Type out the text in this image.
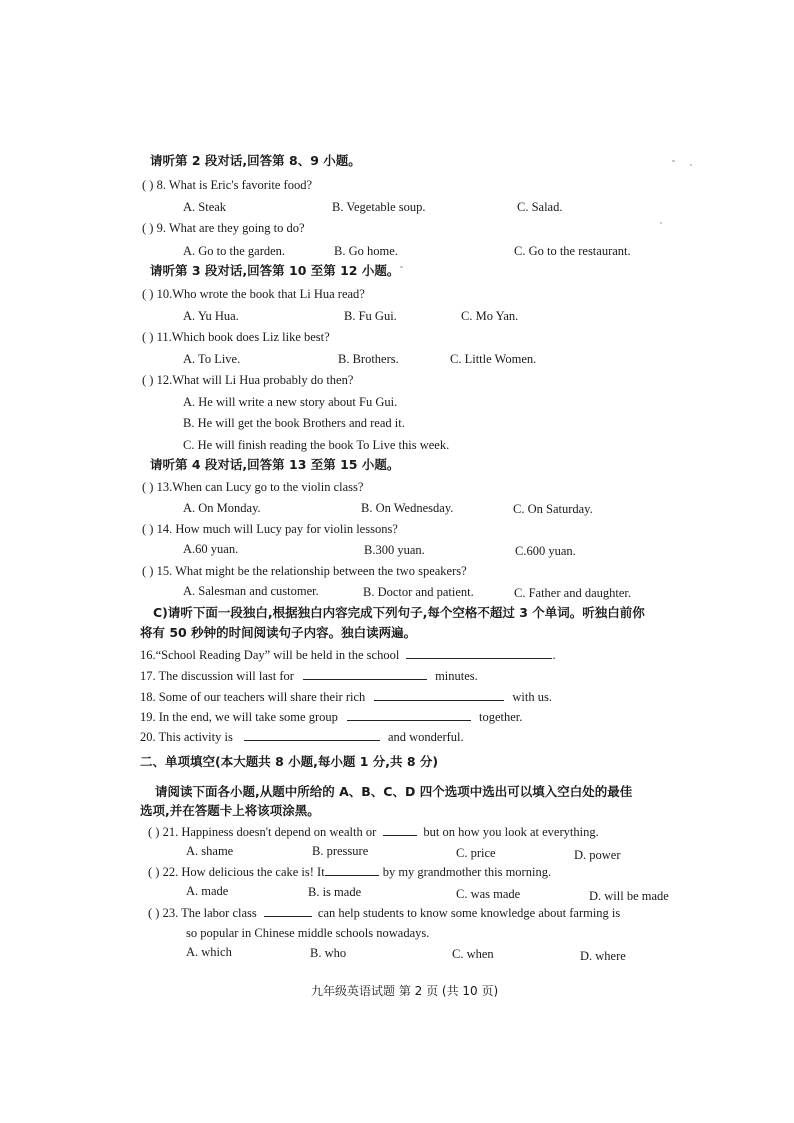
请听第 2 段对话,回答第 8、9 小题。
( ) 8. What is Eric's favorite food?
A. Steak	B. Vegetable soup.	C. Salad.
( ) 9. What are they going to do?
A. Go to the garden.	B. Go home.	C. Go to the restaurant.
请听第 3 段对话,回答第 10 至第 12 小题。
( ) 10.Who wrote the book that Li Hua read?
A. Yu Hua.	B. Fu Gui.	C. Mo Yan.
( ) 11.Which book does Liz like best?
A. To Live.	B. Brothers.	C. Little Women.
( ) 12.What will Li Hua probably do then?
A. He will write a new story about Fu Gui.
B. He will get the book Brothers and read it.
C. He will finish reading the book To Live this week.
请听第 4 段对话,回答第 13 至第 15 小题。
( ) 13.When can Lucy go to the violin class?
A. On Monday.	B. On Wednesday.	C. On Saturday.
( ) 14. How much will Lucy pay for violin lessons?
A.60 yuan.	B.300 yuan.	C.600 yuan.
( ) 15. What might be the relationship between the two speakers?
A. Salesman and customer.	B. Doctor and patient.	C. Father and daughter.
C)请听下面一段独白,根据独白内容完成下列句子,每个空格不超过 3 个单词。听独白前你
将有 50 秒钟的时间阅读句子内容。独白读两遍。
16.“School Reading Day” will be held in the school	.
17. The discussion will last for	minutes.
18. Some of our teachers will share their rich	with us.
19. In the end, we will take some group	together.
20. This activity is	and wonderful.
二、单项填空(本大题共 8 小题,每小题 1 分,共 8 分)
请阅读下面各小题,从题中所给的 A、B、C、D 四个选项中选出可以填入空白处的最佳
选项,并在答题卡上将该项涂黑。
( ) 21. Happiness doesn't depend on wealth or	but on how you look at everything.
A. shame	B. pressure	C. price	D. power
( ) 22. How delicious the cake is! It	by my grandmother this morning.
A. made	B. is made	C. was made	D. will be made
( ) 23. The labor class	can help students to know some knowledge about farming is
so popular in Chinese middle schools nowadays.
A. which	B. who	C. when	D. where
九年级英语试题 第 2 页 (共 10 页)
